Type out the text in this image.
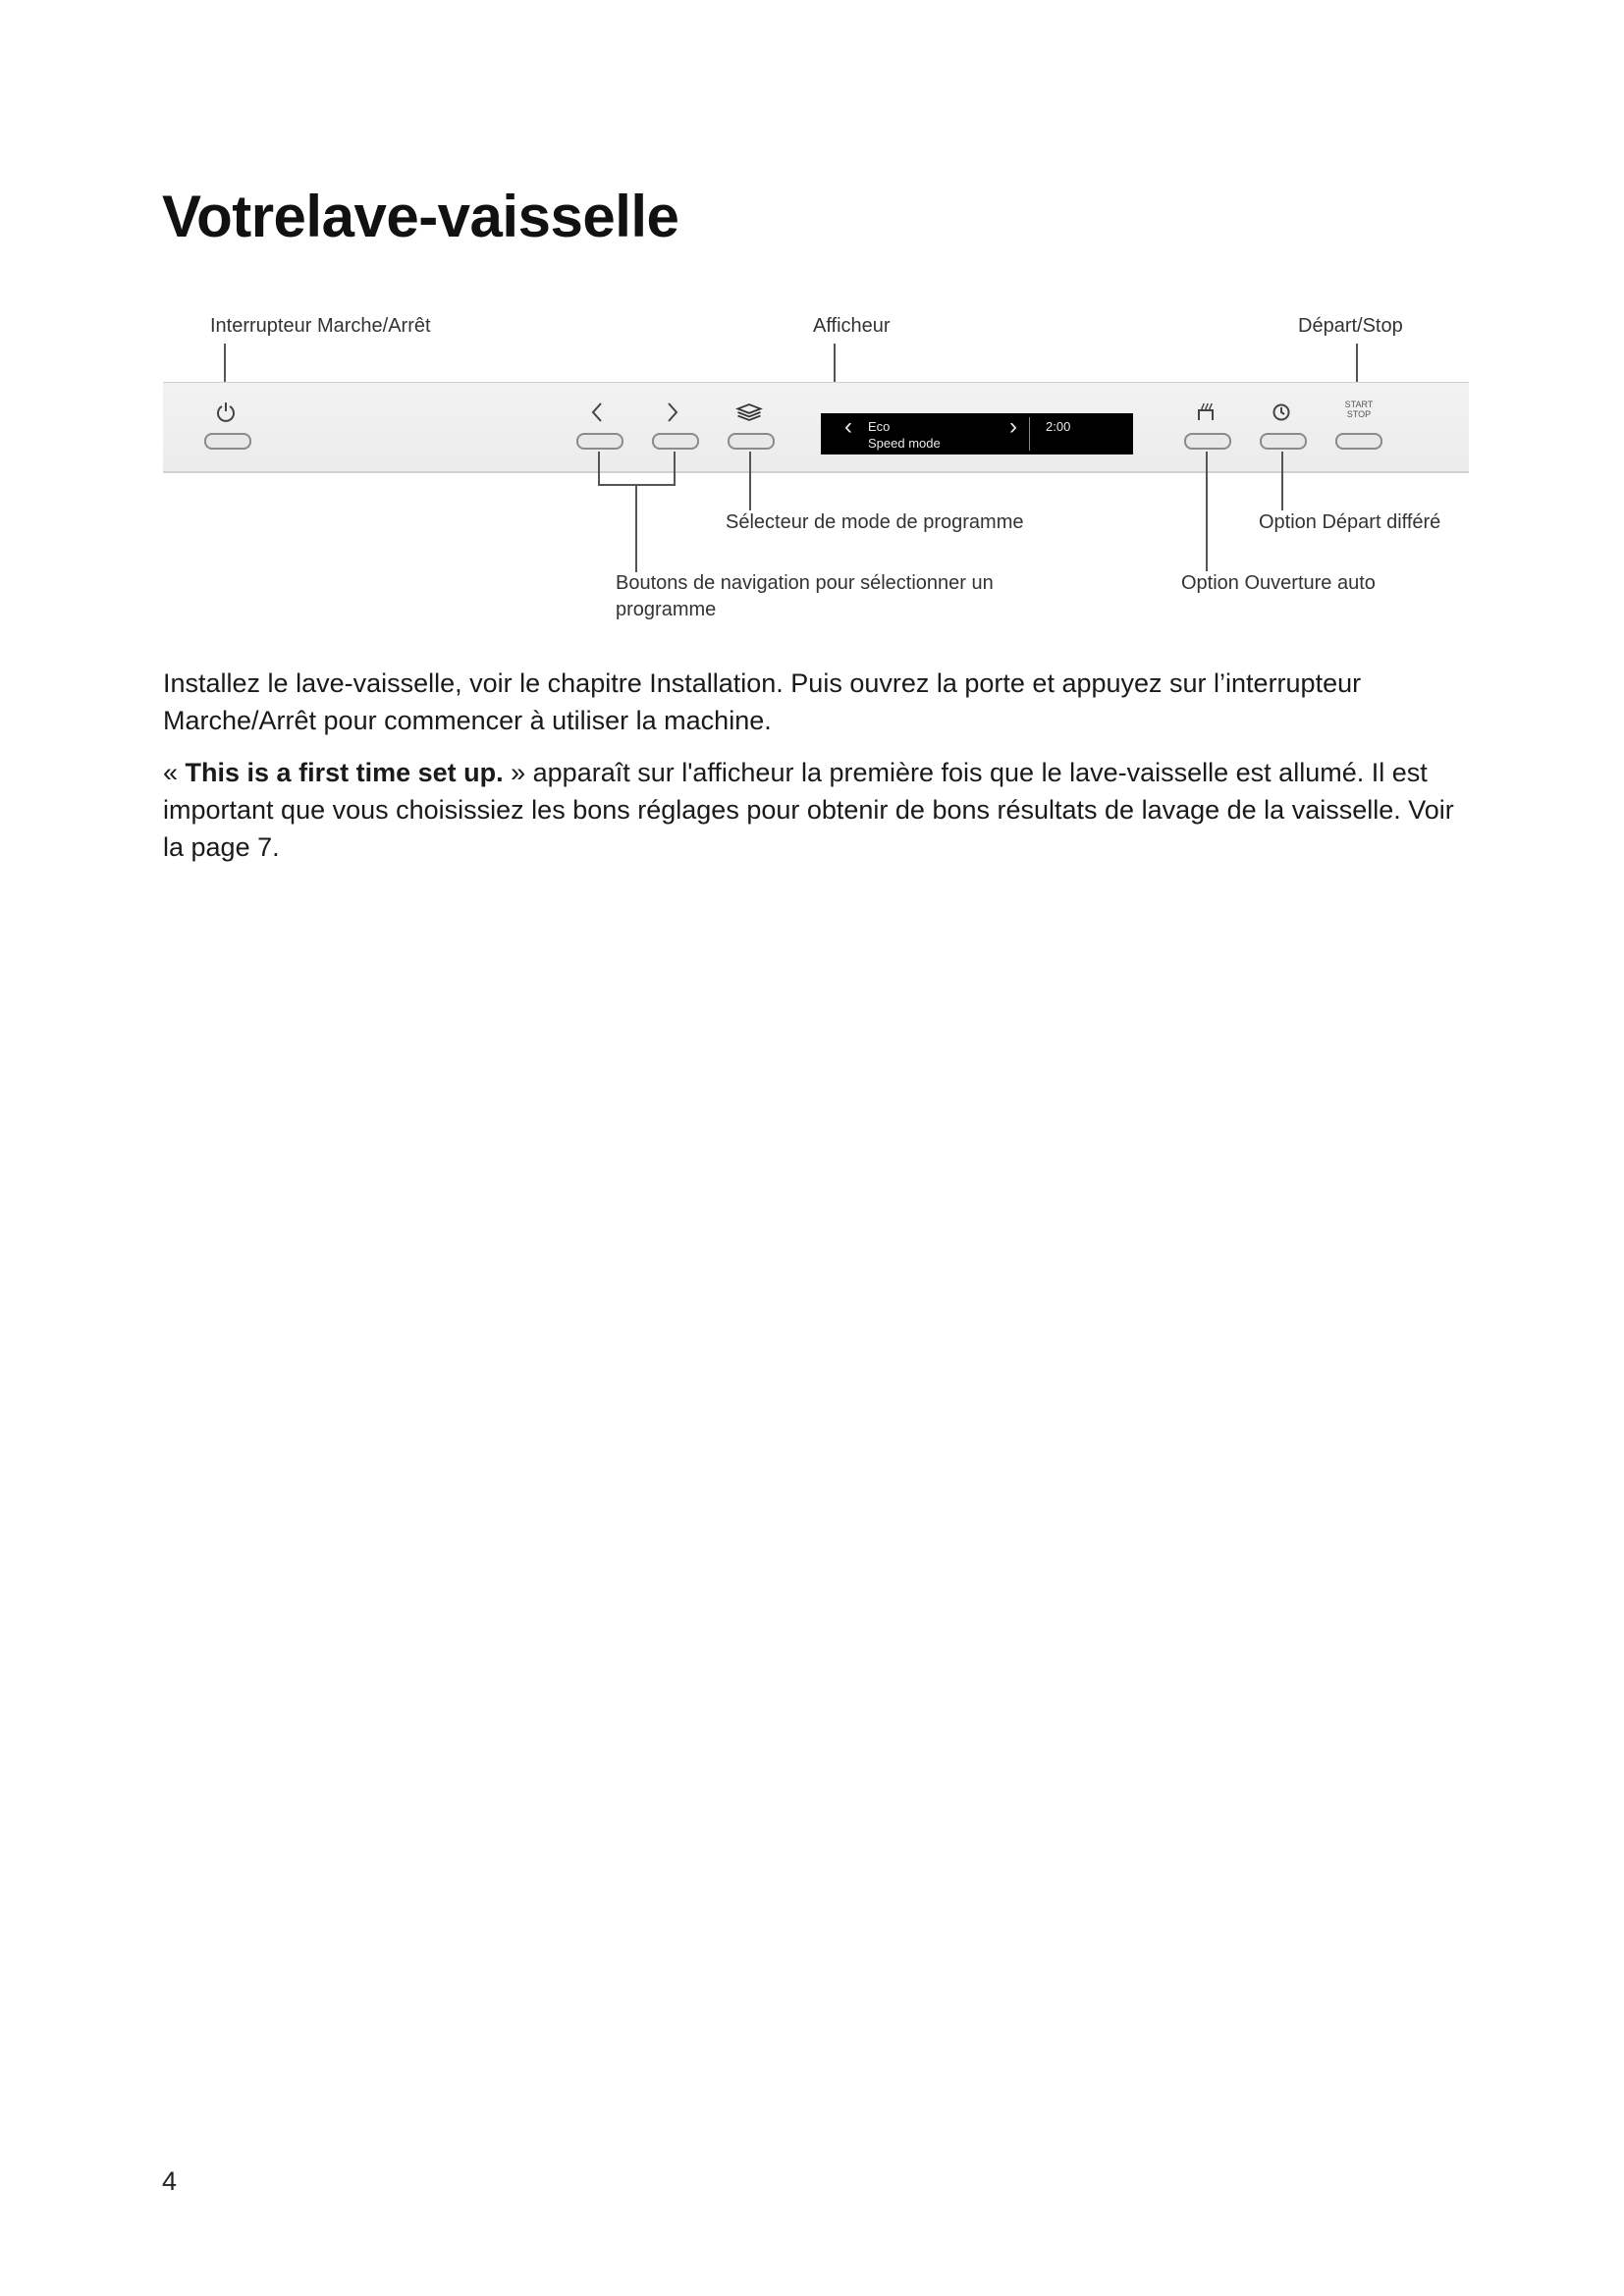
Votrelave-vaisselle
Interrupteur Marche/Arrêt	Afficheur	Départ/Stop
‹ Eco
Speed mode
› 2:00
START
STOP
Sélecteur de mode de programme	Option Départ différé
Boutons de navigation pour sélectionner un
programme
Option Ouverture auto

Installez le lave-vaisselle, voir le chapitre Installation. Puis ouvrez la porte et appuyez sur l’interrupteur Marche/Arrêt pour commencer à utiliser la machine.

« This is a first time set up. » apparaît sur l'afficheur la première fois que le lave-vaisselle est allumé. Il est important que vous choisissiez les bons réglages pour obtenir de bons résultats de lavage de la vaisselle. Voir la page 7.

4
